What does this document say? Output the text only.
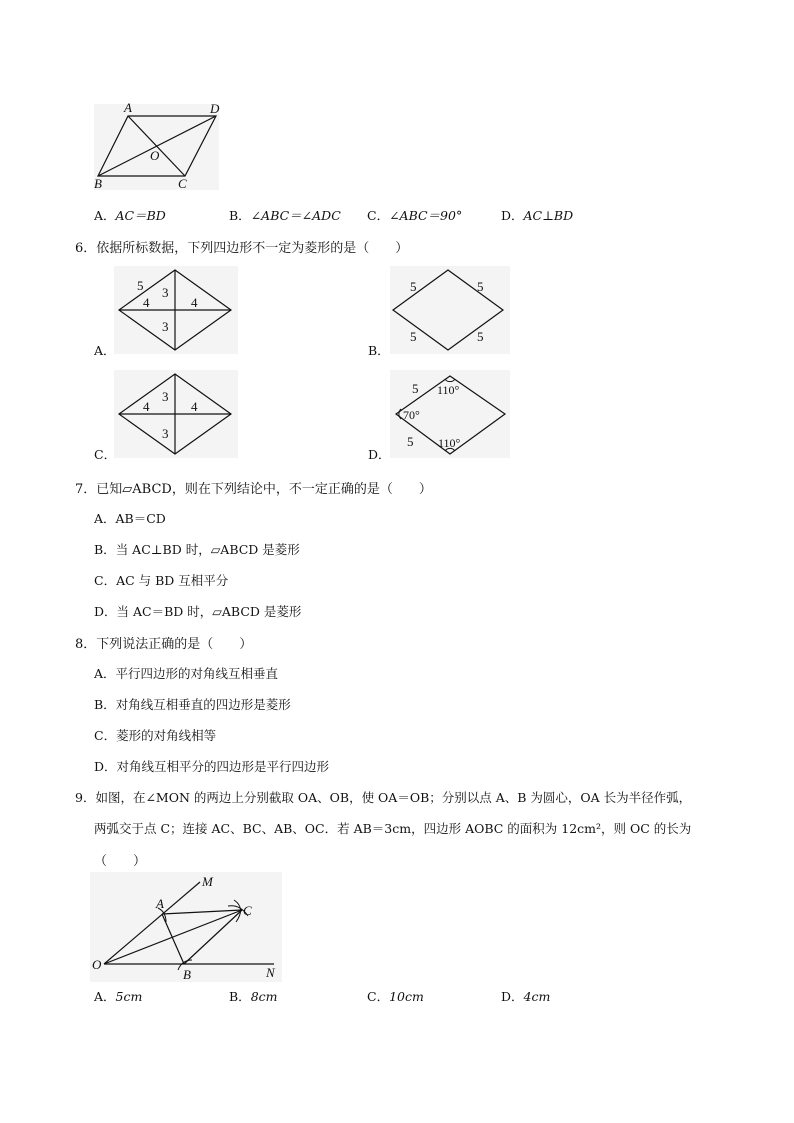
A	D
O
B	C
A．AC＝BD	B．∠ABC＝∠ADC C．∠ABC＝90°	D．AC⊥BD
6．依据所标数据，下列四边形不一定为菱形的是（　　）
5 3
4	4
3
A．
5	5
5	5
B．
3
4	4
3
C．
5 110°
70°
5 110°
D．
7．已知▱ABCD，则在下列结论中，不一定正确的是（　　）
A．AB＝CD
B．当 AC⊥BD 时，▱ABCD 是菱形
C．AC 与 BD 互相平分
D．当 AC＝BD 时，▱ABCD 是菱形
8．下列说法正确的是（　　）
A．平行四边形的对角线互相垂直
B．对角线互相垂直的四边形是菱形
C．菱形的对角线相等
D．对角线互相平分的四边形是平行四边形
9．如图，在∠MON 的两边上分别截取 OA、OB，使 OA＝OB；分别以点 A、B 为圆心，OA 长为半径作弧，
两弧交于点 C；连接 AC、BC、AB、OC．若 AB＝3cm，四边形 AOBC 的面积为 12cm²，则 OC 的长为
（　　）
M
A	C
O
B	N
A．5cm	B．8cm	C．10cm	D．4cm
